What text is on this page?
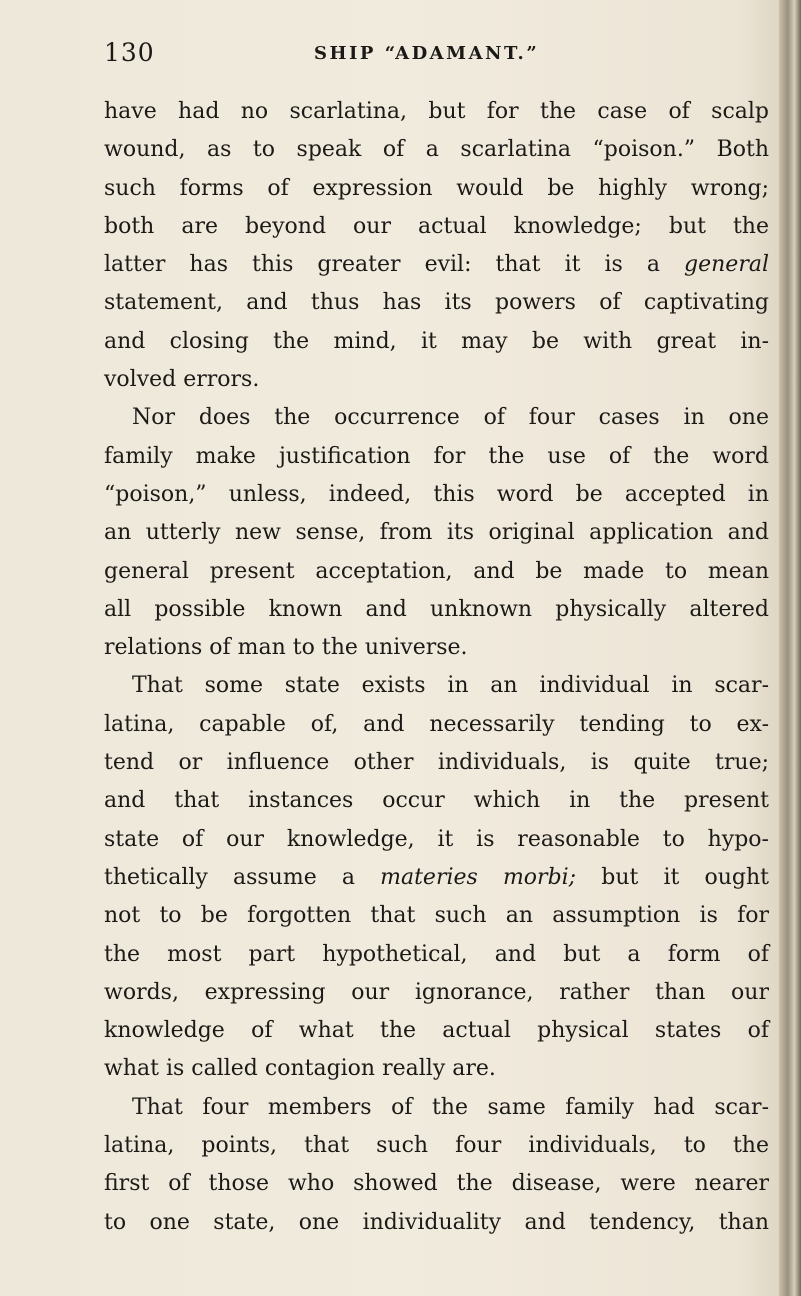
130	SHIP “ADAMANT.”
have had no scarlatina, but for the case of scalp
wound, as to speak of a scarlatina “poison.” Both
such forms of expression would be highly wrong;
both are beyond our actual knowledge; but the
latter has this greater evil: that it is a general
statement, and thus has its powers of captivating
and closing the mind, it may be with great in-
volved errors.
Nor does the occurrence of four cases in one
family make justification for the use of the word
“poison,” unless, indeed, this word be accepted in
an utterly new sense, from its original application and
general present acceptation, and be made to mean
all possible known and unknown physically altered
relations of man to the universe.
That some state exists in an individual in scar-
latina, capable of, and necessarily tending to ex-
tend or influence other individuals, is quite true;
and that instances occur which in the present
state of our knowledge, it is reasonable to hypo-
thetically assume a materies morbi; but it ought
not to be forgotten that such an assumption is for
the most part hypothetical, and but a form of
words, expressing our ignorance, rather than our
knowledge of what the actual physical states of
what is called contagion really are.
That four members of the same family had scar-
latina, points, that such four individuals, to the
first of those who showed the disease, were nearer
to one state, one individuality and tendency, than
